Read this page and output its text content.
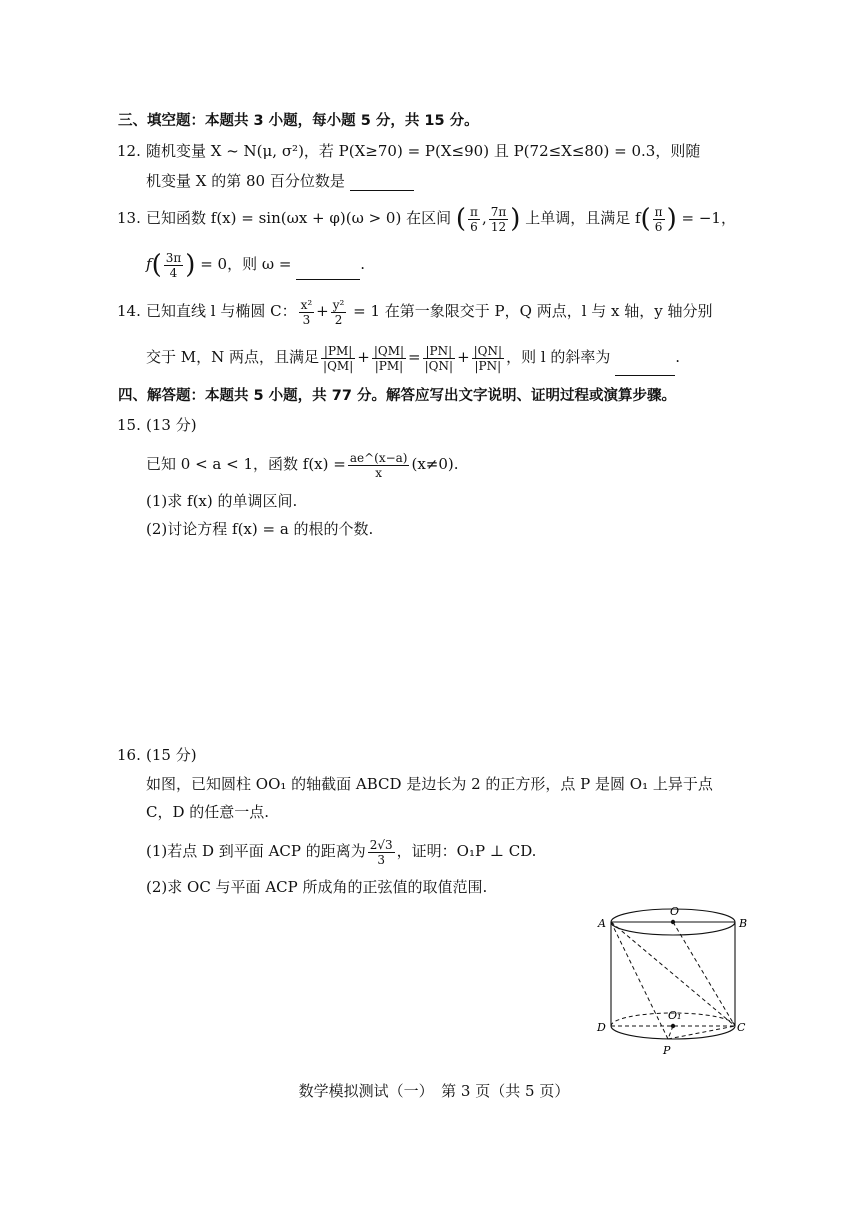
三、填空题：本题共 3 小题，每小题 5 分，共 15 分。
12. 随机变量 X ~ N(μ, σ²)，若 P(X≥70) = P(X≤90) 且 P(72≤X≤80) = 0.3，则随
机变量 X 的第 80 百分位数是
13. 已知函数 f(x) = sin(ωx + φ)(ω > 0) 在区间 ( $\frac{\pi}{6}$ , $\frac{7\pi}{12}$ ) 上单调，且满足 $f( \frac{\pi}{6}$ ) = −1，
$f( \frac{3\pi}{4}$ ) = 0，则 ω =	.
14. 已知直线 l 与椭圆 C： $\frac{\text{x²}}{3} + \frac{\text{y²}}{2} = 1$ 在第一象限交于 P，Q 两点，l 与 x 轴，y 轴分别
交于 M，N 两点，且满足 $\frac{|PM|}{|QM|} + \frac{|QM|}{|PM|} = \frac{|PN|}{|QN|} + \frac{|QN|}{|PN|}$ ，则 l 的斜率为	.
四、解答题：本题共 5 小题，共 77 分。解答应写出文字说明、证明过程或演算步骤。
15. (13 分)
已知 0 < a < 1，函数 $f(x) = \frac{ae\^{}(x-a)}{x} (x\ne 0)$.
(1)求 f(x) 的单调区间.
(2)讨论方程 f(x) = a 的根的个数.
16. (15 分)
如图，已知圆柱 OO₁ 的轴截面 ABCD 是边长为 2 的正方形，点 P 是圆 O₁ 上异于点
C，D 的任意一点.
(1)若点 D 到平面 ACP 的距离为 $\frac{2√3}{3}$ ，证明：O₁P ⊥ CD.
(2)求 OC 与平面 ACP 所成角的正弦值的取值范围.
A	B
O
D	C
O₁
P
数学模拟测试（一）　第 3 页（共 5 页）
